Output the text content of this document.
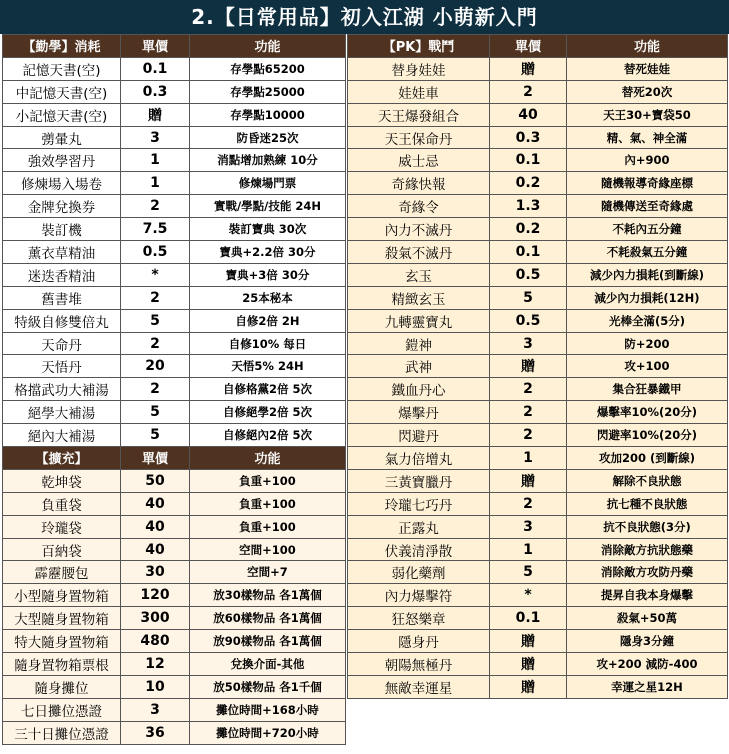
2.【日常用品】初入江湖 小萌新入門
【勤學】消耗	單價	功能
記憶天書(空)	0.1	存學點65200
中記憶天書(空)	0.3	存學點25000
小記憶天書(空)	贈	存學點10000
彅暈丸	3	防昏迷25次
強效學習丹	1	消點增加熟練 10分
修煉場入場卷	1	修煉場門票
金牌兌換券	2	實戰/學點/技能 24H
裝訂機	7.5	裝訂寶典 30次
薰衣草精油	0.5	寶典+2.2倍 30分
迷迭香精油	*	寶典+3倍 30分
舊書堆	2	25本秘本
特級自修雙倍丸	5	自修2倍 2H
天命丹	2	自修10% 每日
天悟丹	20	天悟5% 24H
格擋武功大補湯	2	自修格黨2倍 5次
絕學大補湯	5	自修絕學2倍 5次
絕內大補湯	5	自修絕內2倍 5次
【擴充】	單價	功能
乾坤袋	50	負重+100
負重袋	40	負重+100
玲瓏袋	40	負重+100
百納袋	40	空間+100
霹靂腰包	30	空間+7
小型隨身置物箱	120	放30樣物品 各1萬個
大型隨身置物箱	300	放60樣物品 各1萬個
特大隨身置物箱	480	放90樣物品 各1萬個
隨身置物箱票根	12	兌換介面-其他
隨身攤位	10	放50樣物品 各1千個
七日攤位憑證	3	攤位時間+168小時
三十日攤位憑證	36	攤位時間+720小時
【PK】戰鬥	單價	功能
替身娃娃	贈	替死娃娃
娃娃車	2	替死20次
天王爆發組合	40	天王30+寶袋50
天王保命丹	0.3	精、氣、神全滿
威士忌	0.1	內+900
奇緣快報	0.2	隨機報導奇緣座標
奇緣令	1.3	隨機傳送至奇緣處
內力不滅丹	0.2	不耗內五分鐘
殺氣不滅丹	0.1	不耗殺氣五分鐘
玄玉	0.5	減少內力損耗(到斷線)
精緻玄玉	5	減少內力損耗(12H)
九轉靈寶丸	0.5	光棒全滿(5分)
鎧神	3	防+200
武神	贈	攻+100
鐵血丹心	2	集合狂暴鐵甲
爆擊丹	2	爆擊率10%(20分)
閃避丹	2	閃避率10%(20分)
氣力倍增丸	1	攻加200 (到斷線)
三黃寶臘丹	贈	解除不良狀態
玲瓏七巧丹	2	抗七種不良狀態
正露丸	3	抗不良狀態(3分)
伏義清淨散	1	消除敵方抗狀態藥
弱化藥劑	5	消除敵方攻防丹藥
內力爆擊符	*	提昇自我本身爆擊
狂怒樂章	0.1	殺氣+50萬
隱身丹	贈	隱身3分鐘
朝陽無極丹	贈	攻+200 減防-400
無敵幸運星	贈	幸運之星12H
